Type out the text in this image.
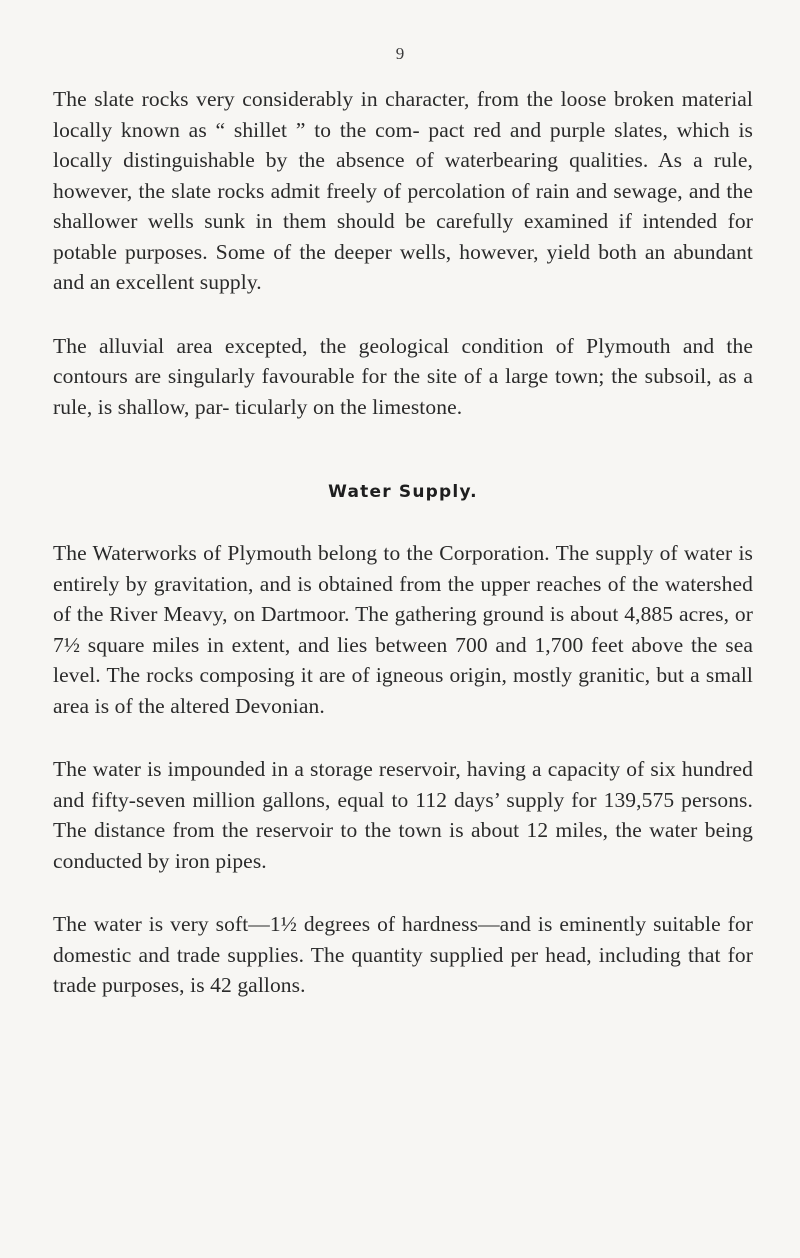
9

The slate rocks very considerably in character, from the loose broken material locally known as “ shillet ” to the com- pact red and purple slates, which is locally distinguishable by the absence of waterbearing qualities. As a rule, however, the slate rocks admit freely of percolation of rain and sewage, and the shallower wells sunk in them should be carefully examined if intended for potable purposes. Some of the deeper wells, however, yield both an abundant and an excellent supply.

The alluvial area excepted, the geological condition of Plymouth and the contours are singularly favourable for the site of a large town; the subsoil, as a rule, is shallow, par- ticularly on the limestone.

Water Supply.

The Waterworks of Plymouth belong to the Corporation. The supply of water is entirely by gravitation, and is obtained from the upper reaches of the watershed of the River Meavy, on Dartmoor. The gathering ground is about 4,885 acres, or 7½ square miles in extent, and lies between 700 and 1,700 feet above the sea level. The rocks composing it are of igneous origin, mostly granitic, but a small area is of the altered Devonian.

The water is impounded in a storage reservoir, having a capacity of six hundred and fifty-seven million gallons, equal to 112 days’ supply for 139,575 persons. The distance from the reservoir to the town is about 12 miles, the water being conducted by iron pipes.

The water is very soft—1½ degrees of hardness—and is eminently suitable for domestic and trade supplies. The quantity supplied per head, including that for trade purposes, is 42 gallons.
